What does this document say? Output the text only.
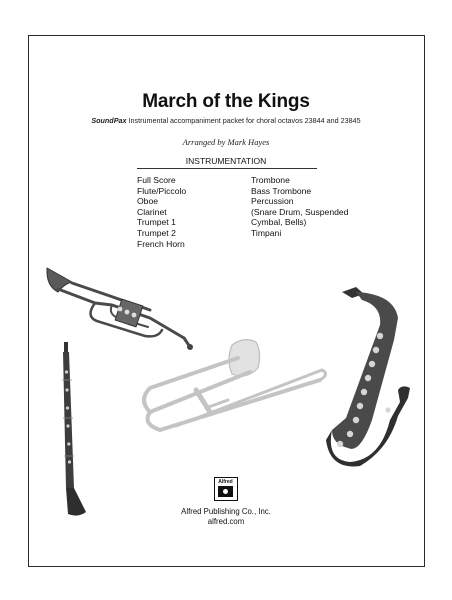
March of the Kings
SoundPax Instrumental accompaniment packet for choral octavos 23844 and 23845
Arranged by Mark Hayes
INSTRUMENTATION
Full Score
Flute/Piccolo
Oboe
Clarinet
Trumpet 1
Trumpet 2
French Horn
Trombone
Bass Trombone
Percussion
(Snare Drum, Suspended
Cymbal, Bells)
Timpani
Alfred
Alfred Publishing Co., Inc.
alfred.com
